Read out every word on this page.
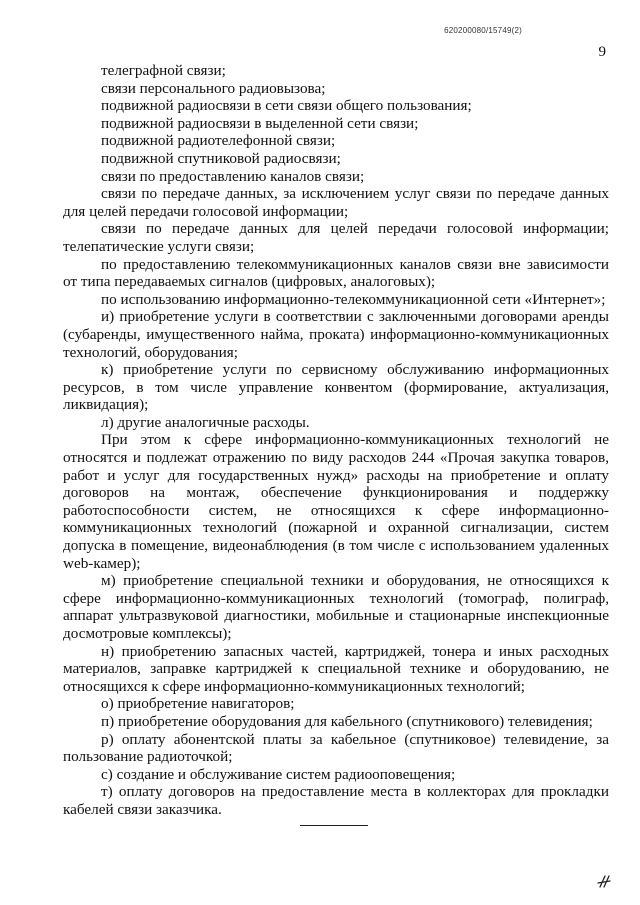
620200080/15749(2)
9

телеграфной связи;

связи персонального радиовызова;

подвижной радиосвязи в сети связи общего пользования;

подвижной радиосвязи в выделенной сети связи;

подвижной радиотелефонной связи;

подвижной спутниковой радиосвязи;

связи по предоставлению каналов связи;

связи по передаче данных, за исключением услуг связи по передаче данных для целей передачи голосовой информации;

связи по передаче данных для целей передачи голосовой информации; телепатические услуги связи;

по предоставлению телекоммуникационных каналов связи вне зависимости от типа передаваемых сигналов (цифровых, аналоговых);

по использованию информационно-телекоммуникационной сети «Интернет»;

и) приобретение услуги в соответствии с заключенными договорами аренды (субаренды, имущественного найма, проката) информационно-коммуникационных технологий, оборудования;

к) приобретение услуги по сервисному обслуживанию информационных ресурсов, в том числе управление конвентом (формирование, актуализация, ликвидация);

л) другие аналогичные расходы.

При этом к сфере информационно-коммуникационных технологий не относятся и подлежат отражению по виду расходов 244 «Прочая закупка товаров, работ и услуг для государственных нужд» расходы на приобретение и оплату договоров на монтаж, обеспечение функционирования и поддержку работоспособности систем, не относящихся к сфере информационно-коммуникационных технологий (пожарной и охранной сигнализации, систем допуска в помещение, видеонаблюдения (в том числе с использованием удаленных web-камер);

м) приобретение специальной техники и оборудования, не относящихся к сфере информационно-коммуникационных технологий (томограф, полиграф, аппарат ультразвуковой диагностики, мобильные и стационарные инспекционные досмотровые комплексы);

н) приобретению запасных частей, картриджей, тонера и иных расходных материалов, заправке картриджей к специальной технике и оборудованию, не относящихся к сфере информационно-коммуникационных технологий;

о) приобретение навигаторов;

п) приобретение оборудования для кабельного (спутникового) телевидения;

р) оплату абонентской платы за кабельное (спутниковое) телевидение, за пользование радиоточкой;

с) создание и обслуживание систем радиооповещения;

т) оплату договоров на предоставление места в коллекторах для прокладки кабелей связи заказчика.
